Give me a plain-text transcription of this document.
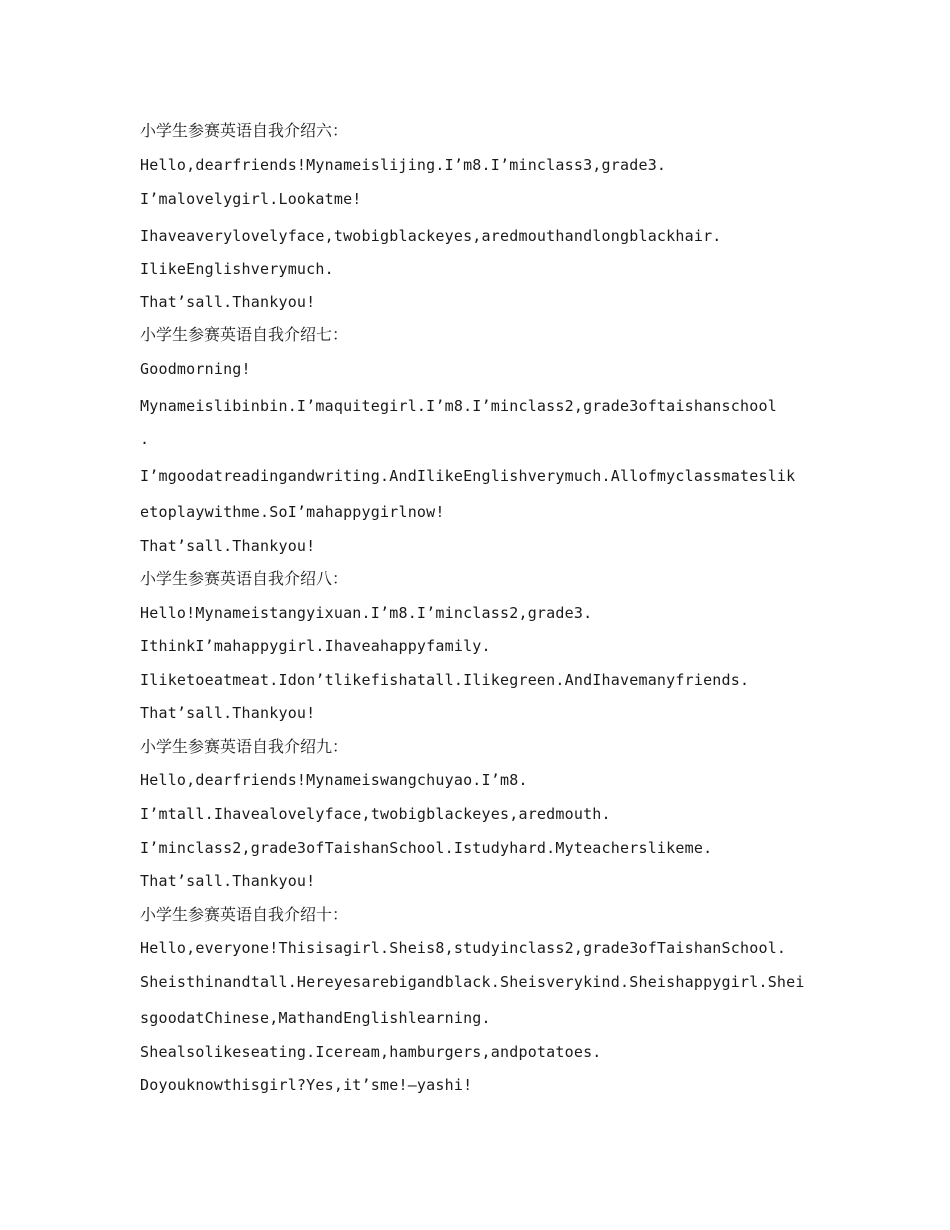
小学生参赛英语自我介绍六：
Hello,dearfriends!Mynameislijing.I’m8.I’minclass3,grade3.
I’malovelygirl.Lookatme!
Ihaveaverylovelyface,twobigblackeyes,aredmouthandlongblackhair.
IlikeEnglishverymuch.
That’sall.Thankyou!
小学生参赛英语自我介绍七：
Goodmorning!
Mynameislibinbin.I’maquitegirl.I’m8.I’minclass2,grade3oftaishanschool
.
I’mgoodatreadingandwriting.AndIlikeEnglishverymuch.Allofmyclassmateslik
etoplaywithme.SoI’mahappygirlnow!
That’sall.Thankyou!
小学生参赛英语自我介绍八：
Hello!Mynameistangyixuan.I’m8.I’minclass2,grade3.
IthinkI’mahappygirl.Ihaveahappyfamily.
Iliketoeatmeat.Idon’tlikefishatall.Ilikegreen.AndIhavemanyfriends.
That’sall.Thankyou!
小学生参赛英语自我介绍九：
Hello,dearfriends!Mynameiswangchuyao.I’m8.
I’mtall.Ihavealovelyface,twobigblackeyes,aredmouth.
I’minclass2,grade3ofTaishanSchool.Istudyhard.Myteacherslikeme.
That’sall.Thankyou!
小学生参赛英语自我介绍十：
Hello,everyone!Thisisagirl.Sheis8,studyinclass2,grade3ofTaishanSchool.
Sheisthinandtall.Hereyesarebigandblack.Sheisverykind.Sheishappygirl.Shei
sgoodatChinese,MathandEnglishlearning.
Shealsolikeseating.Iceream,hamburgers,andpotatoes.
Doyouknowthisgirl?Yes,it’sme!—yashi!
